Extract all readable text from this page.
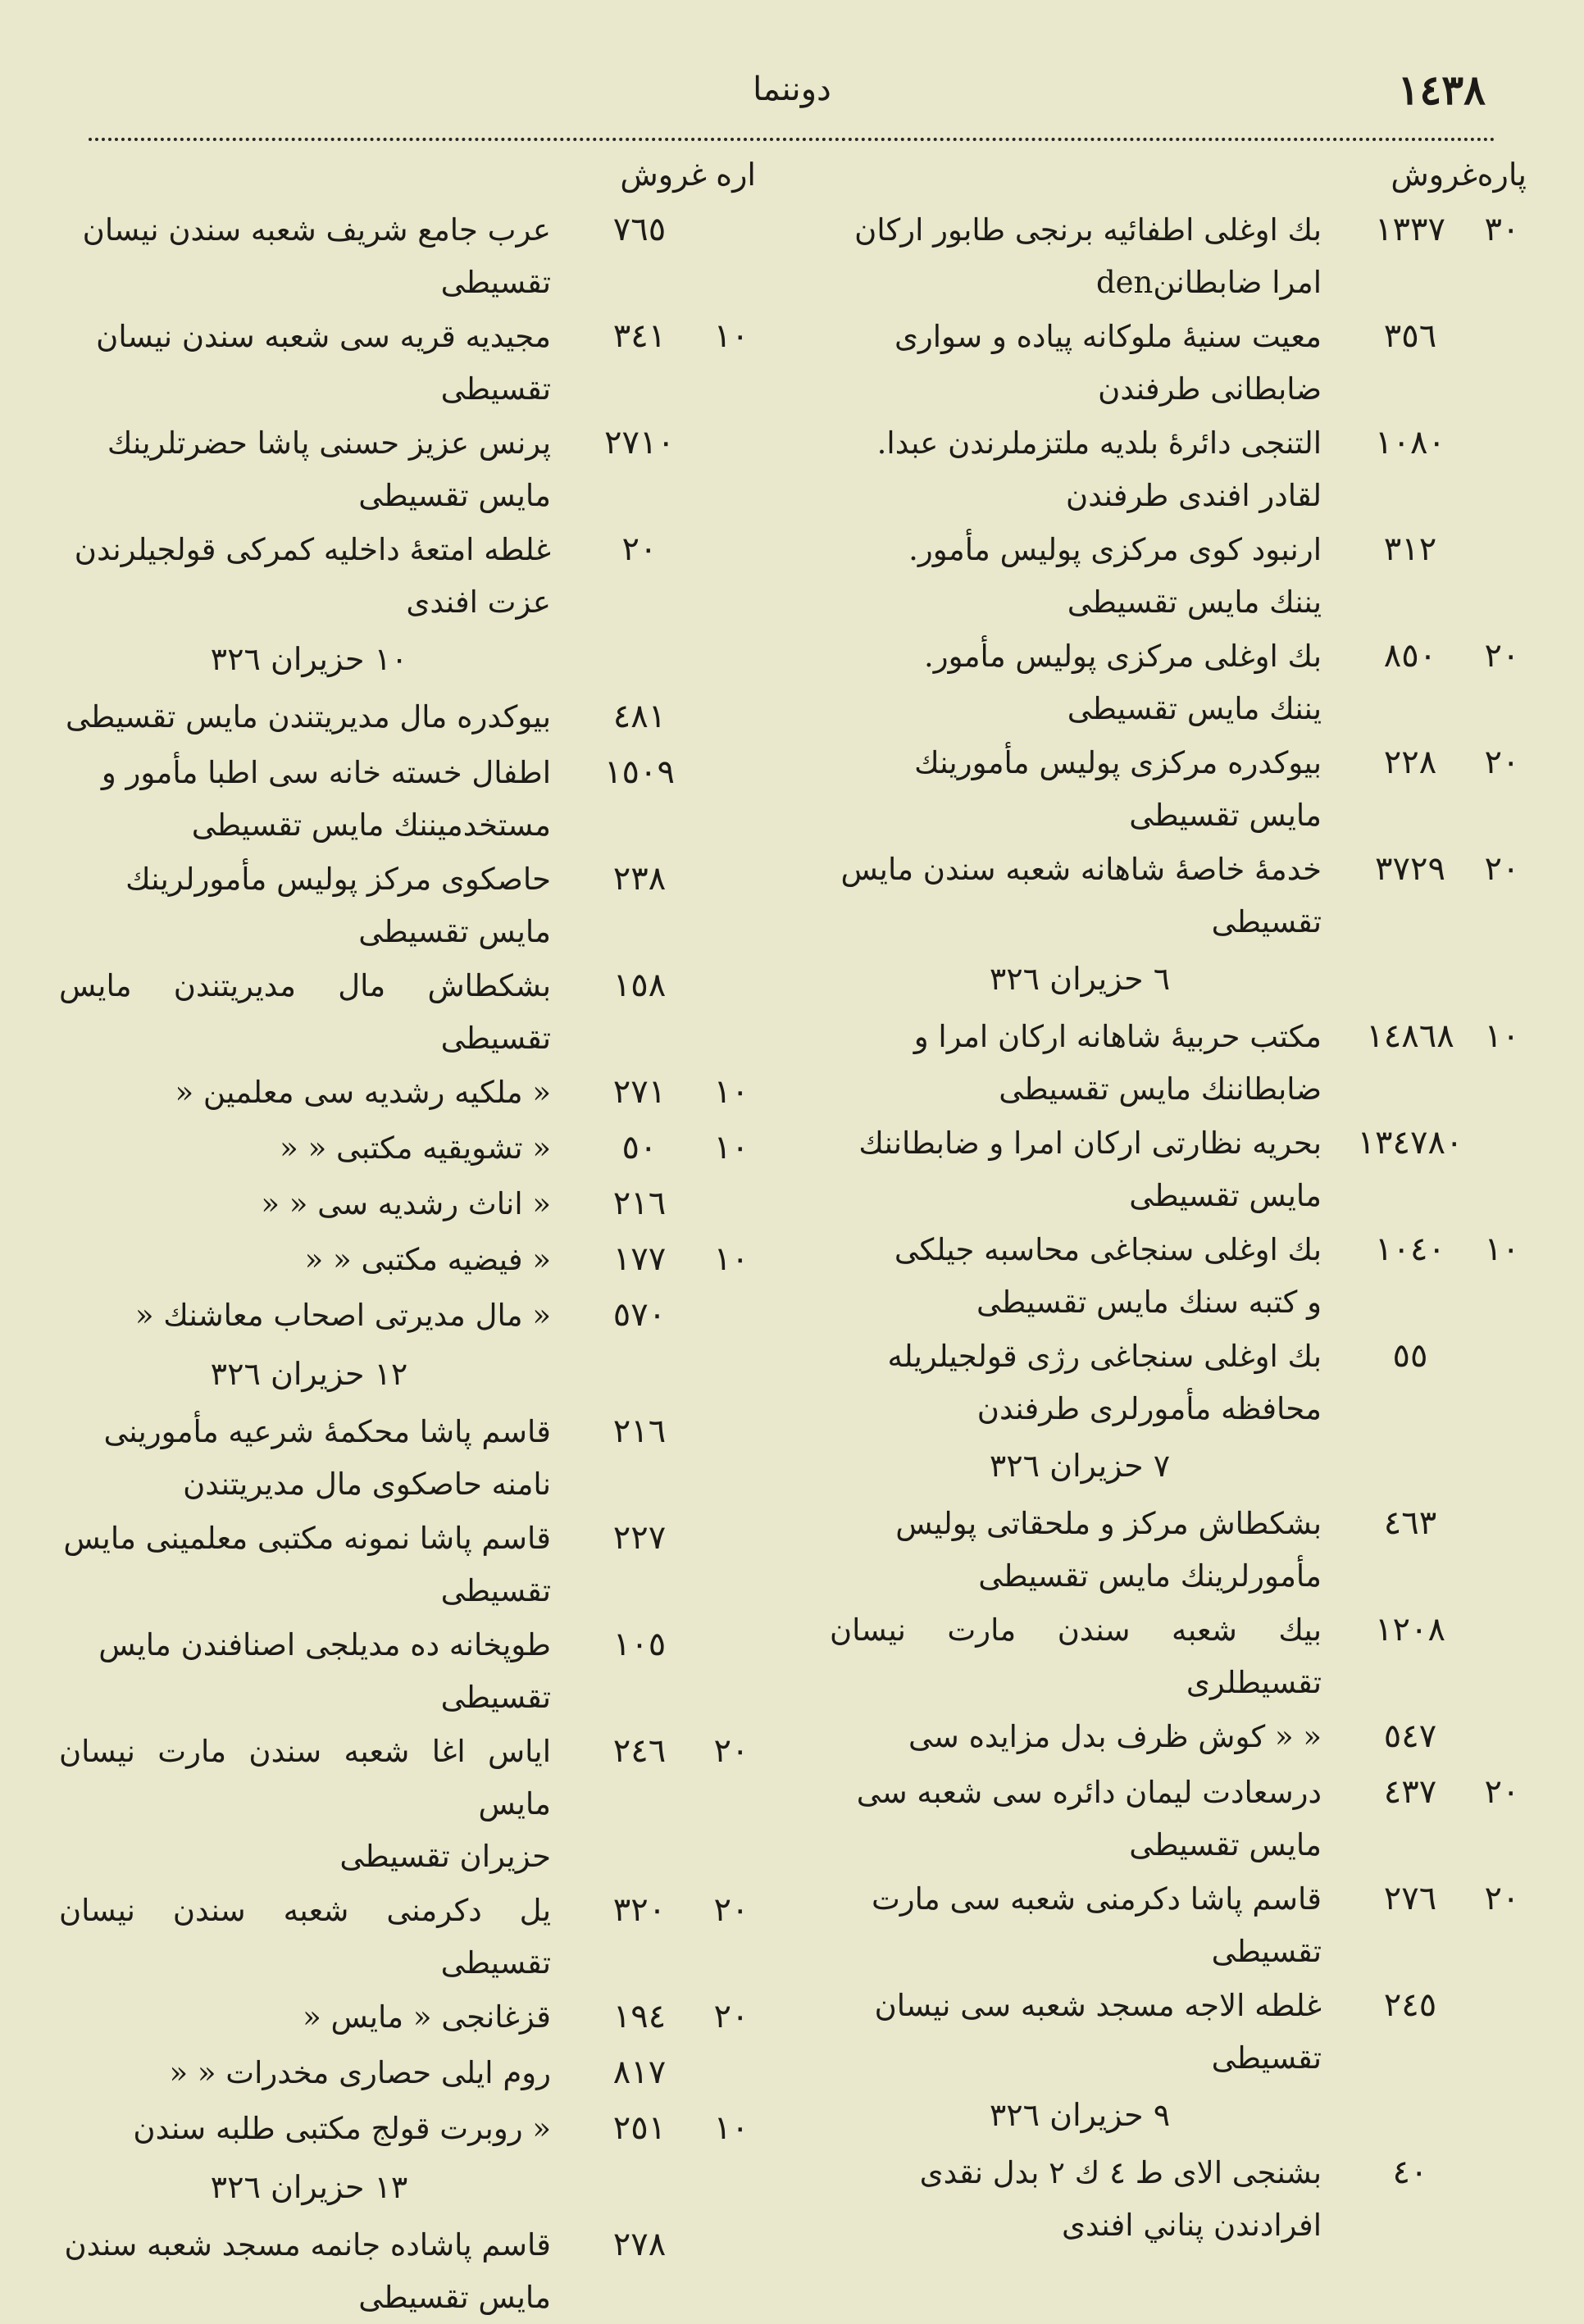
١٤٣٨
دوننما
پاره
غروش
٣٠
١٣٣٧
بك اوغلى اطفائيه برنجى طابور اركان
امرا ضابطاننden
٣٥٦
معيت سنيهٔ ملوكانه پياده و سوارى
ضابطانى طرفندن
١٠٨٠
التنجى دائرهٔ بلديه ملتزملرندن عبدا.
لقادر افندى طرفندن
٣١٢
ارنبود كوى مركزى پوليس مأمور.
يننك مايس تقسيطى
٢٠
٨٥٠
بك اوغلى مركزى پوليس مأمور.
يننك مايس تقسيطى
٢٠
٢٢٨
بيوكدره مركزى پوليس مأمورينك
مايس تقسيطى
٢٠
٣٧٢٩
خدمهٔ خاصهٔ شاهانه شعبه سندن مايس
تقسيطى
٦ حزيران ٣٢٦
١٠
١٤٨٦٨
مكتب حربيهٔ شاهانه اركان امرا و
ضابطاننك مايس تقسيطى
١٣٤٧٨٠
بحريه نظارتى اركان امرا و ضابطاننك
مايس تقسيطى
١٠
١٠٤٠
بك اوغلى سنجاغى محاسبه جيلكى
و كتبه سنك مايس تقسيطى
٥٥
بك اوغلى سنجاغى رژى قولجيلريله
محافظه مأمورلرى طرفندن
٧ حزيران ٣٢٦
٤٦٣
بشكطاش مركز و ملحقاتى پوليس
مأمورلرينك مايس تقسيطى
١٢٠٨
بيك شعبه سندن مارت نيسان تقسيطلرى
٥٤٧
« « كوش ظرف بدل مزايده سى
٢٠
٤٣٧
درسعادت ليمان دائره سى شعبه سى
مايس تقسيطى
٢٠
٢٧٦
قاسم پاشا دكرمنى شعبه سى مارت
تقسيطى
٢٤٥
غلطه الاجه مسجد شعبه سى نيسان
تقسيطى
٩ حزيران ٣٢٦
٤٠
بشنجى الاى ط ٤ ك ٢ بدل نقدى
افرادندن پناني افندى
اره
غروش
٧٦٥
عرب جامع شريف شعبه سندن نيسان
تقسيطى
١٠
٣٤١
مجيديه قريه سى شعبه سندن نيسان
تقسيطى
٢٧١٠
پرنس عزيز حسنى پاشا حضرتلرينك
مايس تقسيطى
٢٠
غلطه امتعهٔ داخليه كمركى قولجيلرندن
عزت افندى
١٠ حزيران ٣٢٦
٤٨١
بيوكدره مال مديريتندن مايس تقسيطى
١٥٠٩
اطفال خسته خانه سى اطبا مأمور و
مستخدميننك مايس تقسيطى
٢٣٨
حاصكوى مركز پوليس مأمورلرينك
مايس تقسيطى
١٥٨
بشكطاش مال مديريتندن مايس تقسيطى
١٠
٢٧١
« ملكيه رشديه سى معلمين «
١٠
٥٠
« تشويقيه مكتبى « «
٢١٦
« اناث رشديه سى « «
١٠
١٧٧
« فيضيه مكتبى « «
٥٧٠
« مال مديرتى اصحاب معاشنك «
١٢ حزيران ٣٢٦
٢١٦
قاسم پاشا محكمهٔ شرعيه مأمورينى
نامنه حاصكوى مال مديريتندن
٢٢٧
قاسم پاشا نمونه مكتبى معلمينى مايس
تقسيطى
١٠٥
طوپخانه ده مديلجى اصنافندن مايس
تقسيطى
٢٠
٢٤٦
اياس اغا شعبه سندن مارت نيسان مايس
حزيران تقسيطى
٢٠
٣٢٠
يل دكرمنى شعبه سندن نيسان تقسيطى
٢٠
١٩٤
قزغانجى « مايس «
٨١٧
روم ايلى حصارى مخدرات « «
١٠
٢٥١
« روبرت قولج مكتبى طلبه سندن
١٣ حزيران ٣٢٦
٢٧٨
قاسم پاشاده جانمه مسجد شعبه سندن
مايس تقسيطى
